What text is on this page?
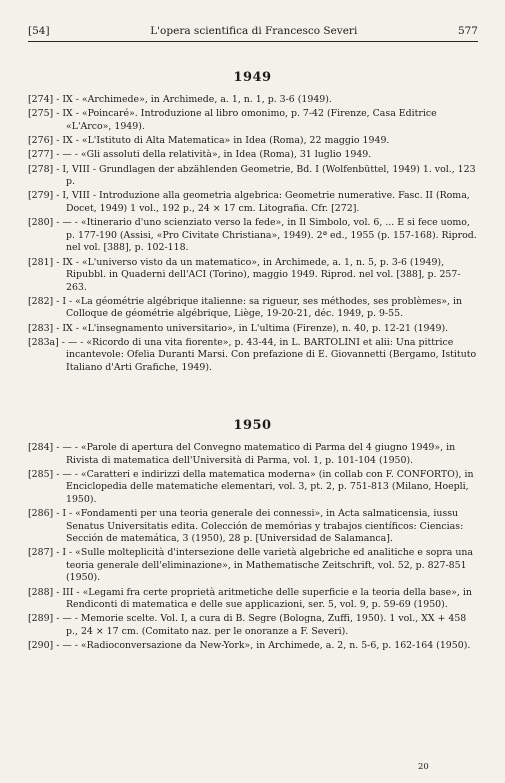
[54]	L'opera scientifica di Francesco Severi	577
1949
[274] - IX - «Archimede», in Archimede, a. 1, n. 1, p. 3-6 (1949).
[275] - IX - «Poincaré». Introduzione al libro omonimo, p. 7-42 (Firenze, Casa Editrice «L'Arco», 1949).
[276] - IX - «L'Istituto di Alta Matematica» in Idea (Roma), 22 maggio 1949.
[277] - — - «Gli assoluti della relatività», in Idea (Roma), 31 luglio 1949.
[278] - I, VIII - Grundlagen der abzählenden Geometrie, Bd. I (Wolfenbüttel, 1949) 1. vol., 123 p.
[279] - I, VIII - Introduzione alla geometria algebrica: Geometrie numerative. Fasc. II (Roma, Docet, 1949) 1 vol., 192 p., 24 × 17 cm. Litografia. Cfr. [272].
[280] - — - «Itinerario d'uno scienziato verso la fede», in Il Simbolo, vol. 6, ... E si fece uomo, p. 177-190 (Assisi, «Pro Civitate Christiana», 1949). 2ª ed., 1955 (p. 157-168). Riprod. nel vol. [388], p. 102-118.
[281] - IX - «L'universo visto da un matematico», in Archimede, a. 1, n. 5, p. 3-6 (1949), Ripubbl. in Quaderni dell'ACI (Torino), maggio 1949. Riprod. nel vol. [388], p. 257-263.
[282] - I - «La géométrie algébrique italienne: sa rigueur, ses méthodes, ses problèmes», in Colloque de géométrie algébrique, Liège, 19-20-21, déc. 1949, p. 9-55.
[283] - IX - «L'insegnamento universitario», in L'ultima (Firenze), n. 40, p. 12-21 (1949).
[283a] - — - «Ricordo di una vita fiorente», p. 43-44, in L. BARTOLINI et alii: Una pittrice incantevole: Ofelia Duranti Marsi. Con prefazione di E. Giovannetti (Bergamo, Istituto Italiano d'Arti Grafiche, 1949).
1950
[284] - — - «Parole di apertura del Convegno matematico di Parma del 4 giugno 1949», in Rivista di matematica dell'Università di Parma, vol. 1, p. 101-104 (1950).
[285] - — - «Caratteri e indirizzi della matematica moderna» (in collab con F. CONFORTO), in Enciclopedia delle matematiche elementari, vol. 3, pt. 2, p. 751-813 (Milano, Hoepli, 1950).
[286] - I - «Fondamenti per una teoria generale dei connessi», in Acta salmaticensia, iussu Senatus Universitatis edita. Colección de memórias y trabajos científicos: Ciencias: Sección de matemática, 3 (1950), 28 p. [Universidad de Salamanca].
[287] - I - «Sulle molteplicità d'intersezione delle varietà algebriche ed analitiche e sopra una teoria generale dell'eliminazione», in Mathematische Zeitschrift, vol. 52, p. 827-851 (1950).
[288] - III - «Legami fra certe proprietà aritmetiche delle superficie e la teoria della base», in Rendiconti di matematica e delle sue applicazioni, ser. 5, vol. 9, p. 59-69 (1950).
[289] - — - Memorie scelte. Vol. I, a cura di B. Segre (Bologna, Zuffi, 1950). 1 vol., XX + 458 p., 24 × 17 cm. (Comitato naz. per le onoranze a F. Severi).
[290] - — - «Radioconversazione da New-York», in Archimede, a. 2, n. 5-6, p. 162-164 (1950).
20
